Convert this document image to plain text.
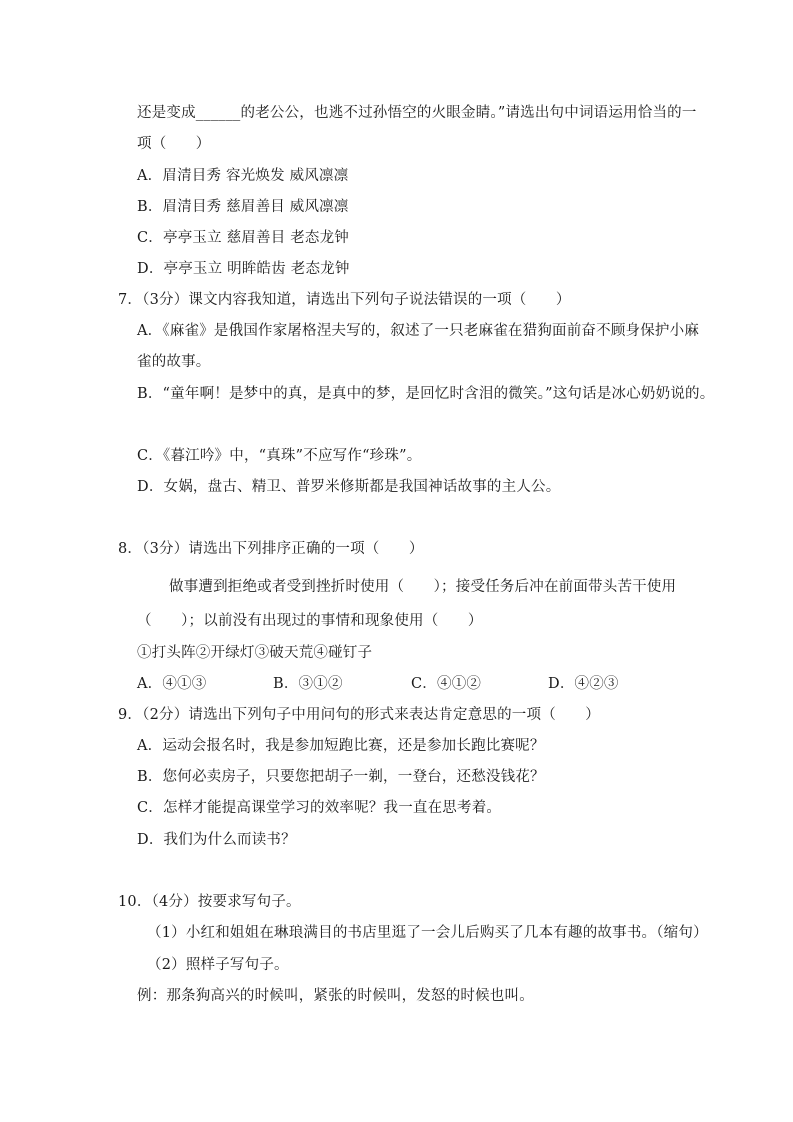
还是变成______的老公公，也逃不过孙悟空的火眼金睛。”请选出句中词语运用恰当的一
项（　　）
A．眉清目秀 容光焕发 威风凛凛
B．眉清目秀 慈眉善目 威风凛凛
C．亭亭玉立 慈眉善目 老态龙钟
D．亭亭玉立 明眸皓齿 老态龙钟
7．（3分）课文内容我知道，请选出下列句子说法错误的一项（　　）
A．《麻雀》是俄国作家屠格涅夫写的，叙述了一只老麻雀在猎狗面前奋不顾身保护小麻
雀的故事。
B．“童年啊！是梦中的真，是真中的梦，是回忆时含泪的微笑。”这句话是冰心奶奶说的。
C．《暮江吟》中，“真珠”不应写作“珍珠”。
D．女娲，盘古、精卫、普罗米修斯都是我国神话故事的主人公。
8．（3分）请选出下列排序正确的一项（　　）
做事遭到拒绝或者受到挫折时使用（　　）；接受任务后冲在前面带头苦干使用
（　　）；以前没有出现过的事情和现象使用（　　）
①打头阵②开绿灯③破天荒④碰钉子
A．④①③	B．③①②	C．④①②	D．④②③
9．（2分）请选出下列句子中用问句的形式来表达肯定意思的一项（　　）
A．运动会报名时，我是参加短跑比赛，还是参加长跑比赛呢？
B．您何必卖房子，只要您把胡子一剃，一登台，还愁没钱花？
C．怎样才能提高课堂学习的效率呢？我一直在思考着。
D．我们为什么而读书？
10．（4分）按要求写句子。
（1）小红和姐姐在琳琅满目的书店里逛了一会儿后购买了几本有趣的故事书。（缩句）
（2）照样子写句子。
例：那条狗高兴的时候叫，紧张的时候叫，发怒的时候也叫。
